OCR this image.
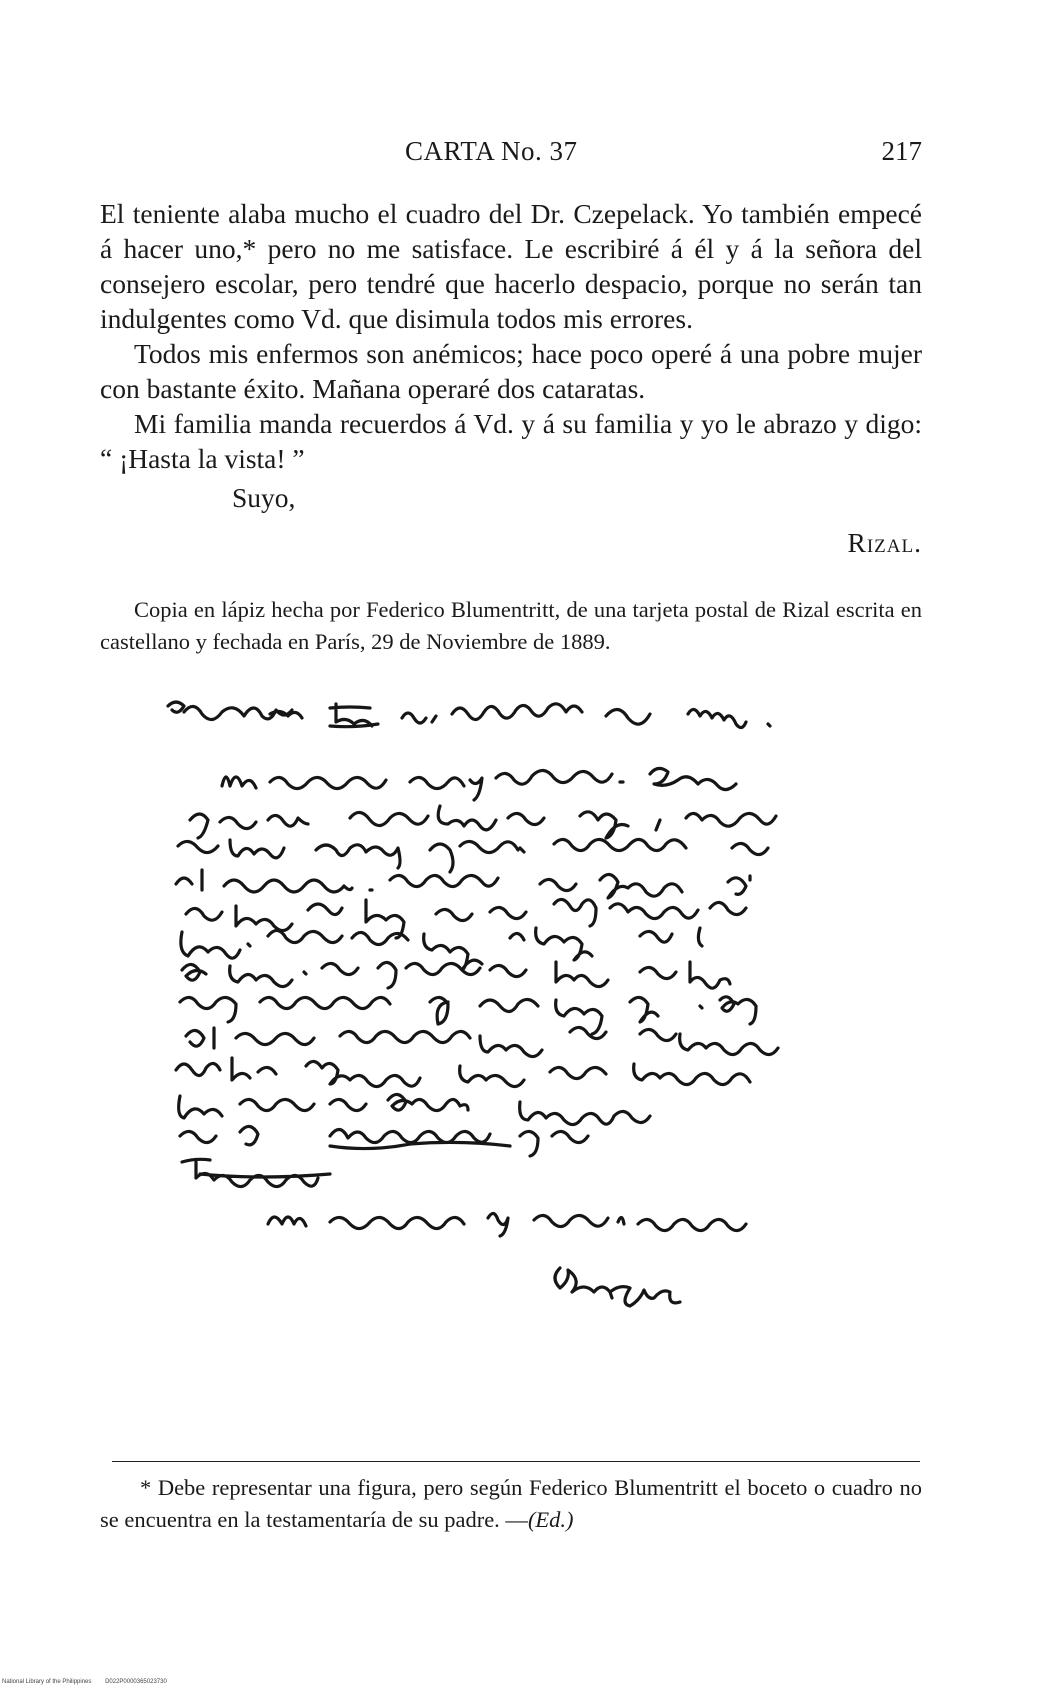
CARTA No. 37	217

El teniente alaba mucho el cuadro del Dr. Czepelack. Yo también empecé á hacer uno,* pero no me satisface. Le escribiré á él y á la señora del consejero escolar, pero tendré que hacerlo despacio, porque no serán tan indulgentes como Vd. que disimula todos mis errores.

Todos mis enfermos son anémicos; hace poco operé á una pobre mujer con bastante éxito. Mañana operaré dos cataratas.

Mi familia manda recuerdos á Vd. y á su familia y yo le abrazo y digo: “ ¡Hasta la vista! ”

Suyo,

Rizal.

Copia en lápiz hecha por Federico Blumentritt, de una tarjeta postal de Rizal escrita en castellano y fechada en París, 29 de Noviembre de 1889.

* Debe representar una figura, pero según Federico Blumentritt el boceto o cuadro no se encuentra en la testamentaría de su padre. —(Ed.)

National Library of the Philippines D022P0000365023730
